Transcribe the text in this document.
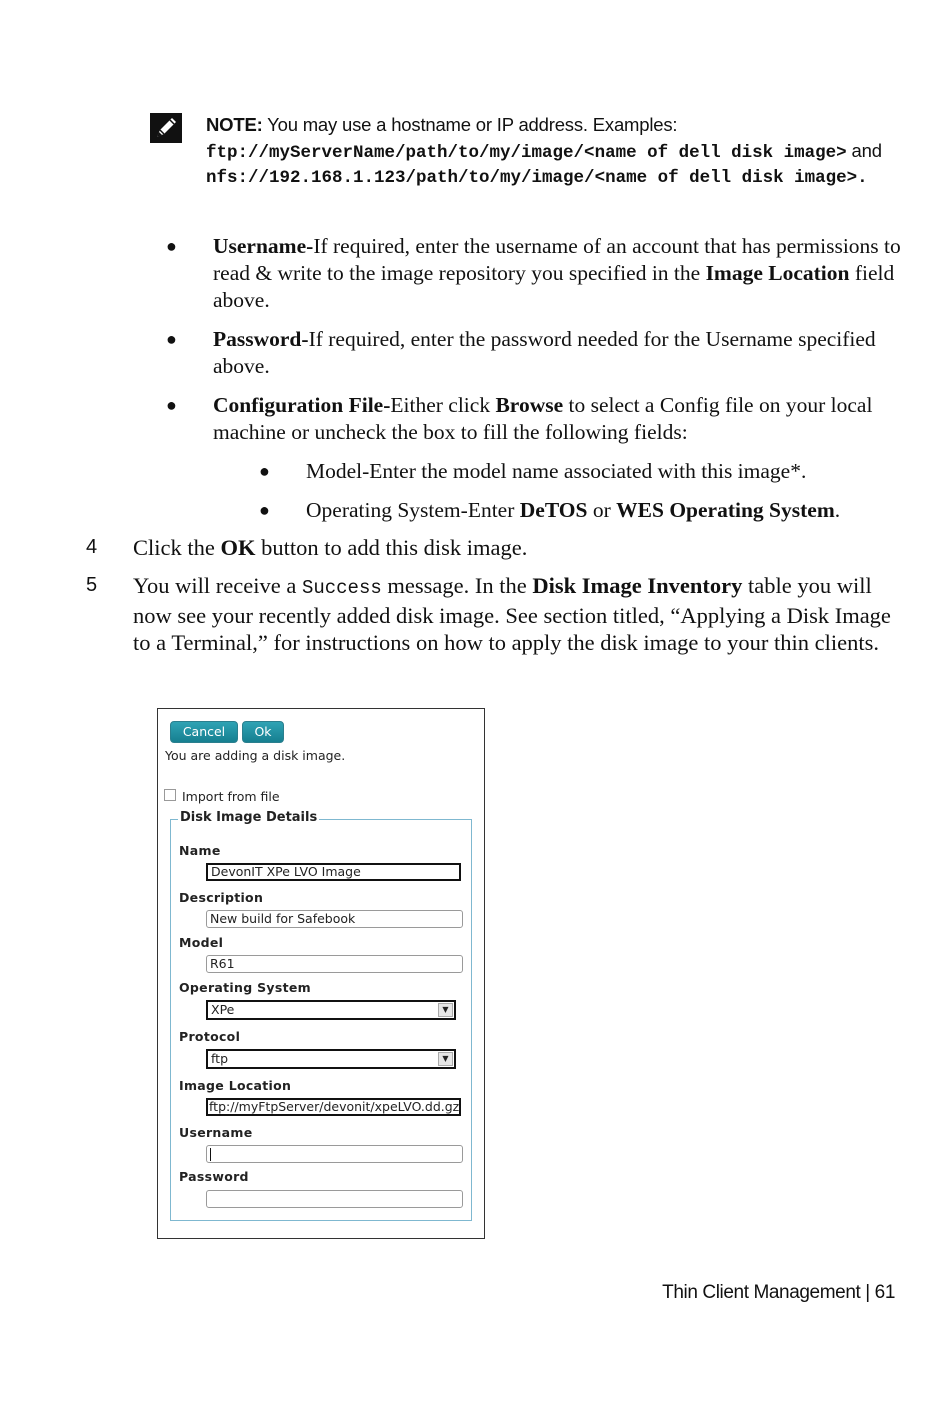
NOTE: You may use a hostname or IP address. Examples:
ftp://myServerName/path/to/my/image/<name of dell disk image> and nfs://192.168.1.123/path/to/my/image/<name of dell disk image>.
● Username-If required, enter the username of an account that has permissions to read & write to the image repository you specified in the Image Location field above.
● Password-If required, enter the password needed for the Username specified above.
● Configuration File-Either click Browse to select a Config file on your local machine or uncheck the box to fill the following fields:
● Model-Enter the model name associated with this image*.
● Operating System-Enter DeTOS or WES Operating System.
4 Click the OK button to add this disk image.
5 You will receive a Success message. In the Disk Image Inventory table you will now see your recently added disk image. See section titled, “Applying a Disk Image to a Terminal,” for instructions on how to apply the disk image to your thin clients.
Cancel	Ok
You are adding a disk image.
Import from file
Disk Image Details
Name
DevonIT XPe LVO Image
Description
New build for Safebook
Model
R61
Operating System
XPe	▼
Protocol
ftp	▼
Image Location
ftp://myFtpServer/devonit/xpeLVO.dd.gz
Username
Password
Thin Client Management | 61
